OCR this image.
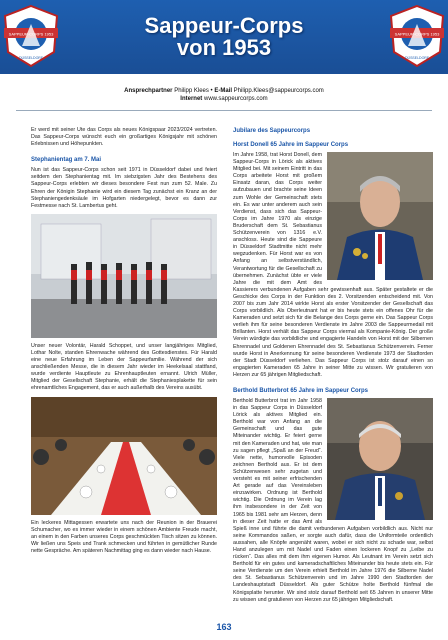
SAPPEUR-CORPS 1953
DÜSSELDORF
Sappeur-Corps
von 1953
SAPPEUR-CORPS 1953
DÜSSELDORF
Ansprechpartner Philipp Klees • E-Mail Philipp.Klees@sappeurcorps.com
Internet www.sappeurcorps.com

Er werd mit seiner Ute das Corps als neues Königspaar 2023/2024 vertreten. Das Sappeur-Corps wünscht euch ein großartiges Königsjahr mit schönen Erlebnissen und Höhepunkten.

Stephanientag am 7. Mai

Nun ist das Sappeur-Corps schon seit 1971 in Düsseldorf dabei und feiert seitdem den Stephanientag mit. Im siebzigsten Jahr des Bestehens des Sappeur-Corps erlebten wir dieses besondere Fest nun zum 52. Male. Zu Ehren der Königin Stephanie wird ein diesem Tag zunächst ein Kranz an der Stephaniengedenksäule im Hofgarten niedergelegt, bevor es dann zur Festmesse nach St. Lambertus geht.

Unser neuer Volontär, Harald Schoppet, und unser langjähriges Mitglied, Lothar Nolte, standen Ehrenwache während des Gottesdienstes. Für Harald eine neue Erfahrung im Leben der Sappeurfamilie. Während der sich anschließenden Messe, die in diesem Jahr wieder im Heekelsaal stattfand, wurde verdiente Hauptleute zu Ehrenhauptleuten ernannt. Ulrich Müller, Mitglied der Gesellschaft Stephanie, erhält die Stephaniesplakette für sein ehrenamtliches Engagement, das er auch außerhalb des Vereins ausübt.

Ein leckeres Mittagessen erwartete uns nach der Reunion in der Brauerei Schumacher, wo es immer wieder in einem schönen Ambiente Freude macht, an einem in den Farben unseres Corps geschmückten Tisch sitzen zu können. Wir ließen uns Speis und Trank schmecken und führten in gemütlicher Runde nette Gespräche. Am späteren Nachmittag ging es dann wieder nach Hause.

Jubilare des Sappeurcorps
Horst Donell 65 Jahre im Sappeur Corps

Im Jahre 1958, trat Horst Donell, dem Sappeur-Corps in Lörick als aktives Mitglied bei. Mit seinem Eintritt in das Corps arbeitete Horst mit großem Einsatz daran, das Corps weiter aufzubauen und brachte seine Ideen zum Wohle der Gemeinschaft stets ein. Es war unter anderem auch sein Verdienst, dass sich das Sappeur-Corps im Jahre 1970 als einzige Bruderschaft dem St. Sebastianus Schützenverein von 1316 e.V. anschloss. Heute sind die Sappeure in Düsseldorf Stadtmitte nicht mehr wegzudenken. Für Horst war es von Anfang an selbstverständlich, Verantwortung für die Gesellschaft zu übernehmen. Zunächst übte er viele Jahre die mit dem Amt des Kassierers verbundenen Aufgaben sehr gewissenhaft aus. Später gestaltete er die Geschicke des Corps in der Funktion des 2. Vorsitzenden entscheidend mit. Von 2007 bis zum Jahr 2014 wirkte Horst als erster Vorsitzender der Gesellschaft das Corps vorbildlich. Als Oberleutnant hat er bis heute stets ein offenes Ohr für die Kameraden und setzt sich für die Belange des Corps gerne ein. Das Sappeur Corps verlieh ihm für seine besonderen Verdienste im Jahre 2003 die Sappeurmedail mit Brillanten. Horst verhält das Sappeur Corps viermal als Kompanie-König. Der große Verein würdigte das vorbildliche und engagierte Handeln von Horst mit der Silbernen Ehrennadel und Goldenen Ehrennadel des St. Sebastianus Schützenverein. Ferner wurde Horst in Anerkennung für seine besonderen Verdienste 1973 der Stadtorden der Stadt Düsseldorf verliehen. Das Sappeur Corps ist stolz darauf einen so engagierten Kameraden 65 Jahre in seiner Mitte zu wissen. Wir gratulieren von Herzen zur 65 jährigen Mitgliedschaft.

Berthold Butterbrot 65 Jahre im Sappeur Corps

Berthold Butterbrot trat im Jahr 1958 in das Sappeur Corps in Düsseldorf Lörick als aktives Mitglied ein. Berthold war von Anfang an die Gemeinschaft und das gute Miteinander wichtig. Er feiert gerne mit den Kameraden und hat, wie man zu sagen pflegt „Spaß an der Freud“. Viele nette, humorvolle Episoden zeichnen Berthold aus. Er ist dem Schützenwesen sehr zugetan und versteht es mit seiner erfrischenden Art gerade auf das Vereinsleben einzuwirken. Ordnung ist Berthold wichtig. Die Ordnung im Verein lag ihm insbesondere in der Zeit von 1965 bis 1981 sehr am Herzen, denn in dieser Zeit hatte er das Amt als Spieß inne und führte die damit verbundenen Aufgaben vorbildlich aus. Nicht nur seine Kommandos saßen, er sorgte auch dafür, dass die Uniformteile ordentlich aussahen, alle Knöpfe angenäht waren, wobei er sich nicht zu schade war, selbst Hand anzulegen um mit Nadel und Faden einen lockeren Knopf zu „Leibe zu rücken“. Das alles mit dem ihm eigenen Humor. Als Leutnant im Verein setzt sich Berthold für ein gutes und kameradschaftliches Miteinander bis heute stets ein. Für seine Verdienste um den Verein erhielt Berthold im Jahre 1976 die Silberne Nadel des St. Sebastianus Schützenverein und im Jahre 1990 den Stadtorden der Landeshauptstadt Düsseldorf. Als guter Schütze holte Berthold fünfmal die Königsplatte herunter. Wir sind stolz darauf Berthold seit 65 Jahren in unserer Mitte zu wissen und gratulieren von Herzen zur 65 jährigen Mitgliedschaft.

163
